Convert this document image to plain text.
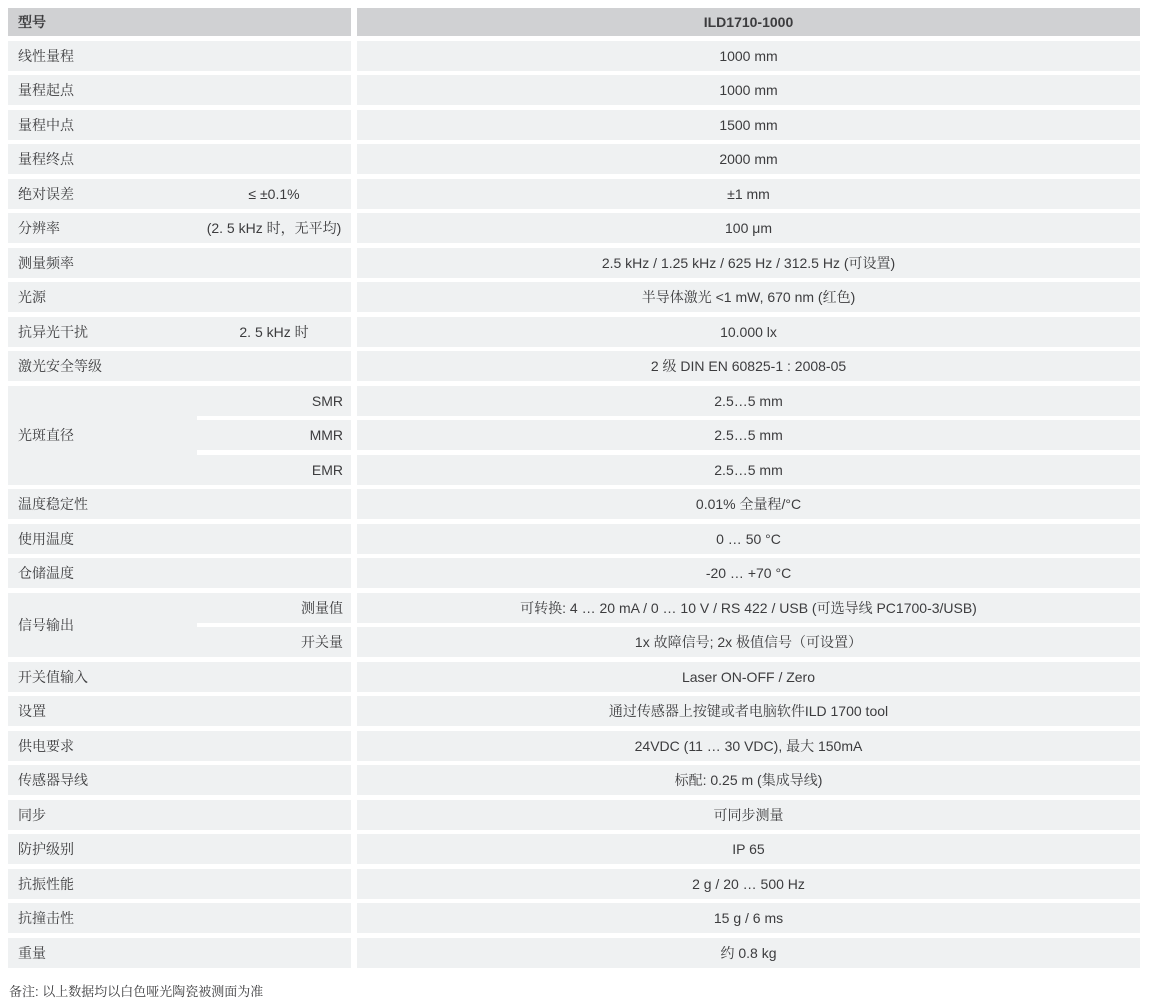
型号	ILD1710-1000
线性量程	1000 mm
量程起点	1000 mm
量程中点	1500 mm
量程终点	2000 mm
绝对误差	≤ ±0.1%	±1 mm
分辨率	(2. 5 kHz 时，无平均)	100 μm
测量频率	2.5 kHz / 1.25 kHz / 625 Hz / 312.5 Hz (可设置)
光源	半导体激光 <1 mW, 670 nm (红色)
抗异光干扰	2. 5 kHz 时	10.000 lx
激光安全等级	2 级 DIN EN 60825-1 : 2008-05
光斑直径
SMR	2.5…5 mm
MMR	2.5…5 mm
EMR	2.5…5 mm
温度稳定性	0.01% 全量程/°C
使用温度	0 … 50 °C
仓储温度	-20 … +70 °C
信号输出
测量值	可转换: 4 … 20 mA / 0 … 10 V / RS 422 / USB (可选导线 PC1700-3/USB)
开关量	1x 故障信号; 2x 极值信号（可设置）
开关值输入	Laser ON-OFF / Zero
设置	通过传感器上按键或者电脑软件ILD 1700 tool
供电要求	24VDC (11 … 30 VDC), 最大 150mA
传感器导线	标配: 0.25 m (集成导线)
同步	可同步测量
防护级别	IP 65
抗振性能	2 g / 20 … 500 Hz
抗撞击性	15 g / 6 ms
重量	约 0.8 kg
备注: 以上数据均以白色哑光陶瓷被测面为准
